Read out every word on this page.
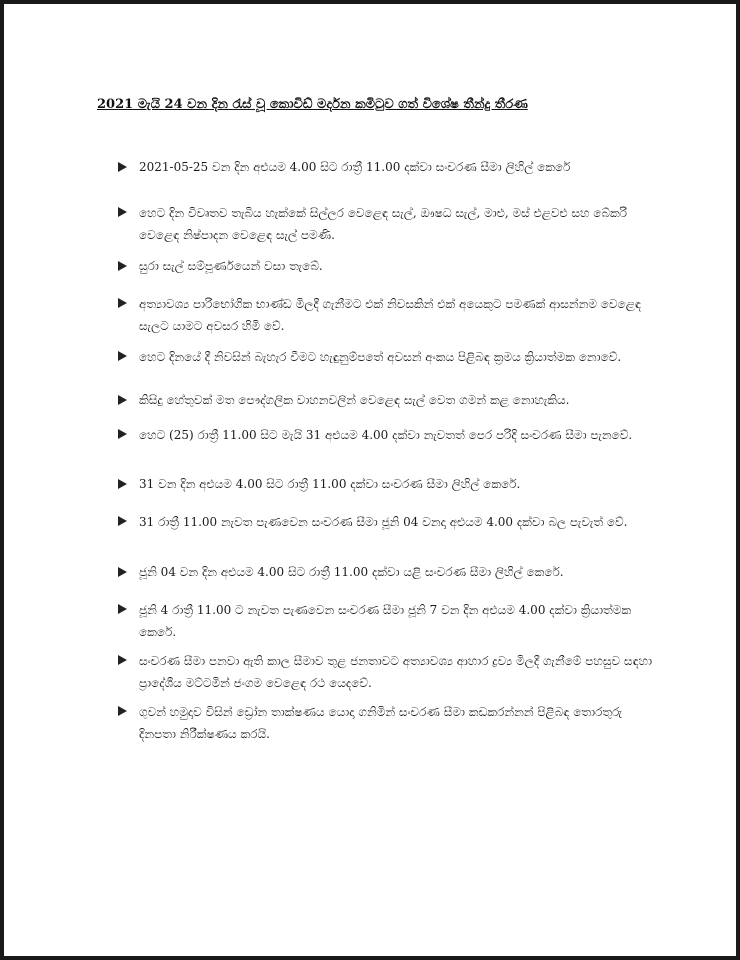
2021 මැයි 24 වන දින රැස් වූ කොවිඩ් මර්දන කමිටුව ගත් විශේෂ තීන්දු තීරණ
2021-05-25 වන දින අළුයම 4.00 සිට රාත්‍රී 11.00 දක්වා සංචරණ සීමා ලිහිල් කෙරේ
හෙට දින විවෘතව තැබිය හැක්කේ සිල්ලර වෙළෙඳ සැල්, ඖෂධ සැල්, මාළු, මස් එළවළු සහ බේකරි වෙළෙඳ නිෂ්පාදන වෙළෙඳ සැල් පමණි.
සුරා සැල් සම්පූර්ණයෙන් වසා තැබේ.
අත්‍යාවශ්‍ය පාරිභෝගික භාණ්ඩ මිලදී ගැනීමට එක් නිවසකින් එක් අයෙකුට පමණක් ආසන්නම වෙළෙඳ සැලට යාමට අවසර හිමි වේ.
හෙට දිනයේ දී නිවසින් බැහැර වීමට හැඳුනුම්පතේ අවසන් අංකය පිළිබඳ ක්‍රමය ක්‍රියාත්මක නොවේ.
කිසිදු හේතුවක් මත පෞද්ගලික වාහනවලින් වෙළෙඳ සැල් වෙත ගමන් කළ නොහැකිය.
හෙට (25) රාත්‍රී 11.00 සිට මැයි 31 අළුයම 4.00 දක්වා නැවතත් පෙර පරිදි සංචරණ සීමා පැනවේ.
31 වන දින අළුයම 4.00 සිට රාත්‍රී 11.00 දක්වා සංචරණ සීමා ලිහිල් කෙරේ.
31 රාත්‍රී 11.00 නැවත පැණවෙන සංචරණ සීමා ජූනි 04 වනදා අළුයම 4.00 දක්වා බල පැවැත් වේ.
ජූනි 04 වන දින අළුයම 4.00 සිට රාත්‍රී 11.00 දක්වා යළි සංචරණ සීමා ලිහිල් කෙරේ.
ජූනි 4 රාත්‍රී 11.00 ට නැවත පැණවෙන සංචරණ සීමා ජූනි 7 වන දින අළුයම 4.00 දක්වා ක්‍රියාත්මක කෙරේ.
සංචරණ සීමා පනවා ඇති කාල සීමාව තුළ ජනතාවට අත්‍යාවශ්‍ය ආහාර ද්‍රව්‍ය මිලදී ගැනීමේ පහසුව සඳහා ප්‍රාදේශීය මට්ටමින් ජංගම වෙළෙඳ රථ යෙදවේ.
ගුවන් හමුදාව විසින් ඩ්‍රෝන තාක්ෂණය යොදා ගනිමින් සංචරණ සීමා කඩකරන්නන් පිළිබඳ තොරතුරු දිනපතා නිරීක්ෂණය කරයි.
